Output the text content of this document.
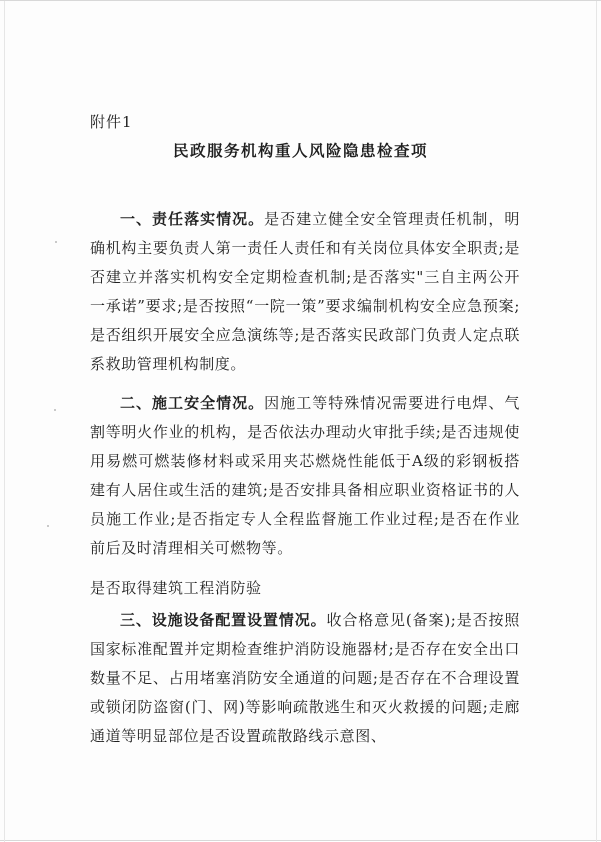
附件1
民政服务机构重人风险隐患检查项

一、责任落实情况。是否建立健全安全管理责任机制，明确机构主要负责人第一责任人责任和有关岗位具体安全职责;是否建立并落实机构安全定期检查机制;是否落实"三自主两公开一承诺”要求;是否按照“一院一策”要求编制机构安全应急预案;是否组织开展安全应急演练等;是否落实民政部门负责人定点联系救助管理机构制度。

二、施工安全情况。因施工等特殊情况需要进行电焊、气割等明火作业的机构，是否依法办理动火审批手续;是否违规使用易燃可燃装修材料或采用夹芯燃烧性能低于A级的彩钢板搭建有人居住或生活的建筑;是否安排具备相应职业资格证书的人员施工作业;是否指定专人全程监督施工作业过程;是否在作业前后及时清理相关可燃物等。

是否取得建筑工程消防验

三、设施设备配置设置情况。收合格意见(备案);是否按照国家标准配置并定期检查维护消防设施器材;是否存在安全出口数量不足、占用堵塞消防安全通道的问题;是否存在不合理设置或锁闭防盗窗(门、网)等影响疏散逃生和灭火救援的问题;走廊通道等明显部位是否设置疏散路线示意图、
